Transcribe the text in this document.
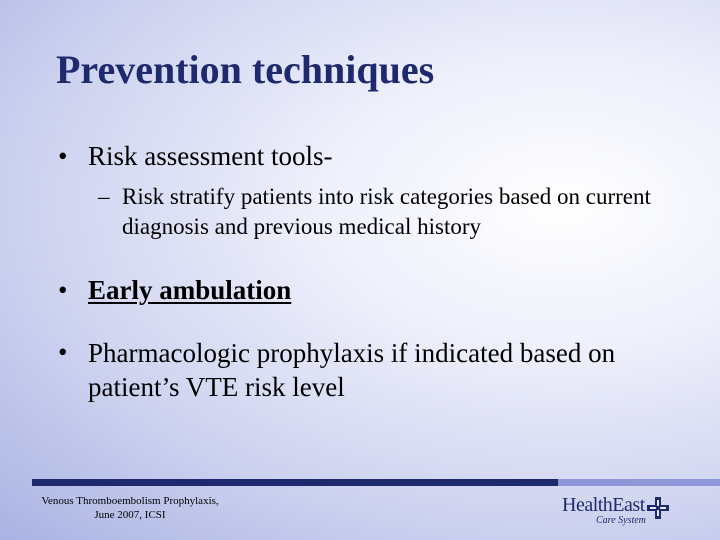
Prevention techniques
• Risk assessment tools-
– Risk stratify patients into risk categories based on current diagnosis and previous medical history
• Early ambulation
• Pharmacologic prophylaxis if indicated based on patient’s VTE risk level
Venous Thromboembolism Prophylaxis,
June 2007, ICSI	HealthEast
Care System
